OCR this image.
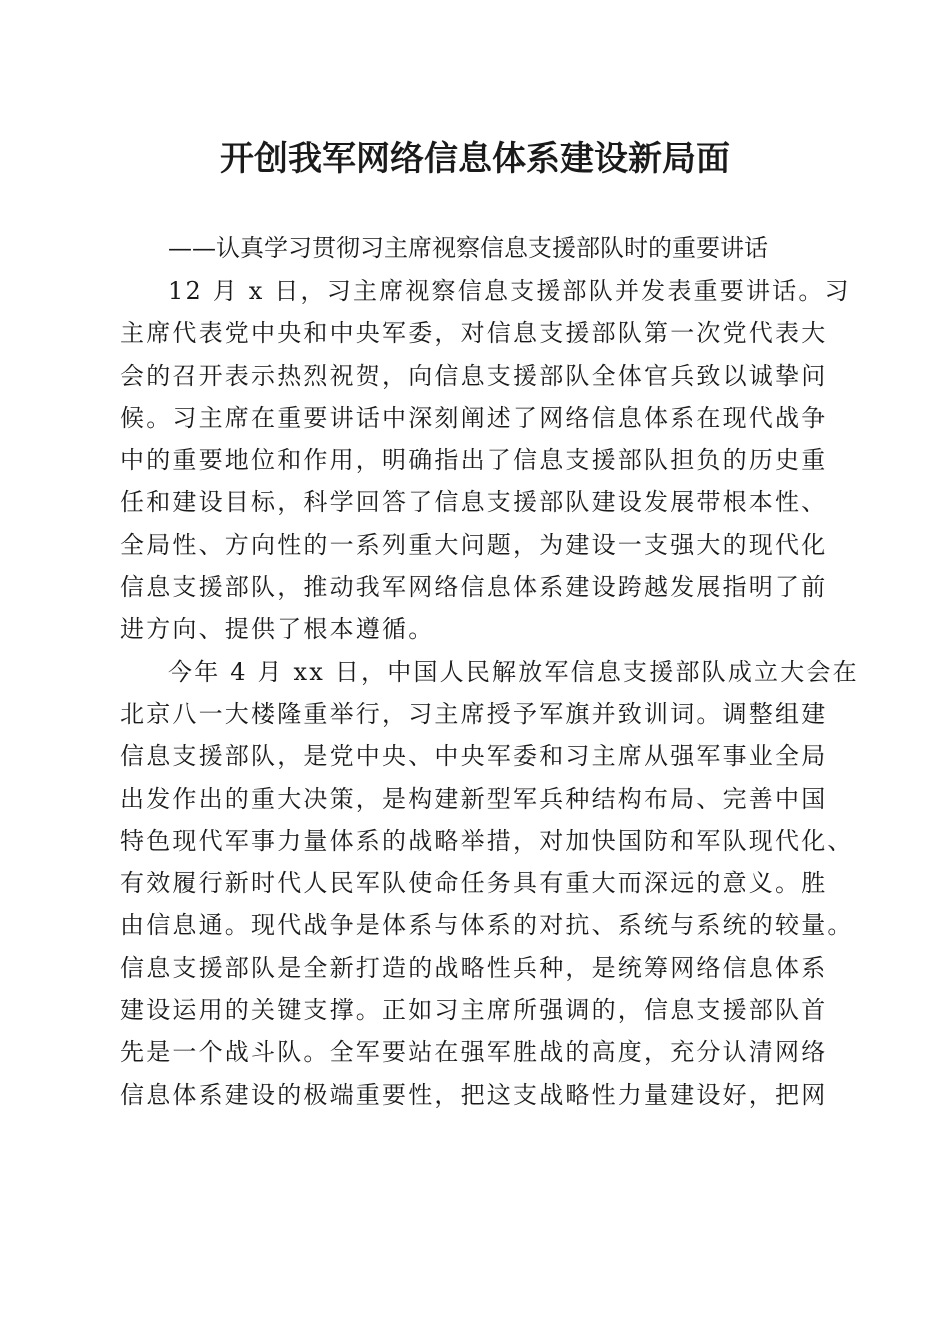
开创我军网络信息体系建设新局面

——认真学习贯彻习主席视察信息支援部队时的重要讲话

12 月 x 日，习主席视察信息支援部队并发表重要讲话。习
主席代表党中央和中央军委，对信息支援部队第一次党代表大
会的召开表示热烈祝贺，向信息支援部队全体官兵致以诚挚问
候。习主席在重要讲话中深刻阐述了网络信息体系在现代战争
中的重要地位和作用，明确指出了信息支援部队担负的历史重
任和建设目标，科学回答了信息支援部队建设发展带根本性、
全局性、方向性的一系列重大问题，为建设一支强大的现代化
信息支援部队，推动我军网络信息体系建设跨越发展指明了前
进方向、提供了根本遵循。
今年 4 月 xx 日，中国人民解放军信息支援部队成立大会在
北京八一大楼隆重举行，习主席授予军旗并致训词。调整组建
信息支援部队，是党中央、中央军委和习主席从强军事业全局
出发作出的重大决策，是构建新型军兵种结构布局、完善中国
特色现代军事力量体系的战略举措，对加快国防和军队现代化、
有效履行新时代人民军队使命任务具有重大而深远的意义。胜
由信息通。现代战争是体系与体系的对抗、系统与系统的较量。
信息支援部队是全新打造的战略性兵种，是统筹网络信息体系
建设运用的关键支撑。正如习主席所强调的，信息支援部队首
先是一个战斗队。全军要站在强军胜战的高度，充分认清网络
信息体系建设的极端重要性，把这支战略性力量建设好，把网
